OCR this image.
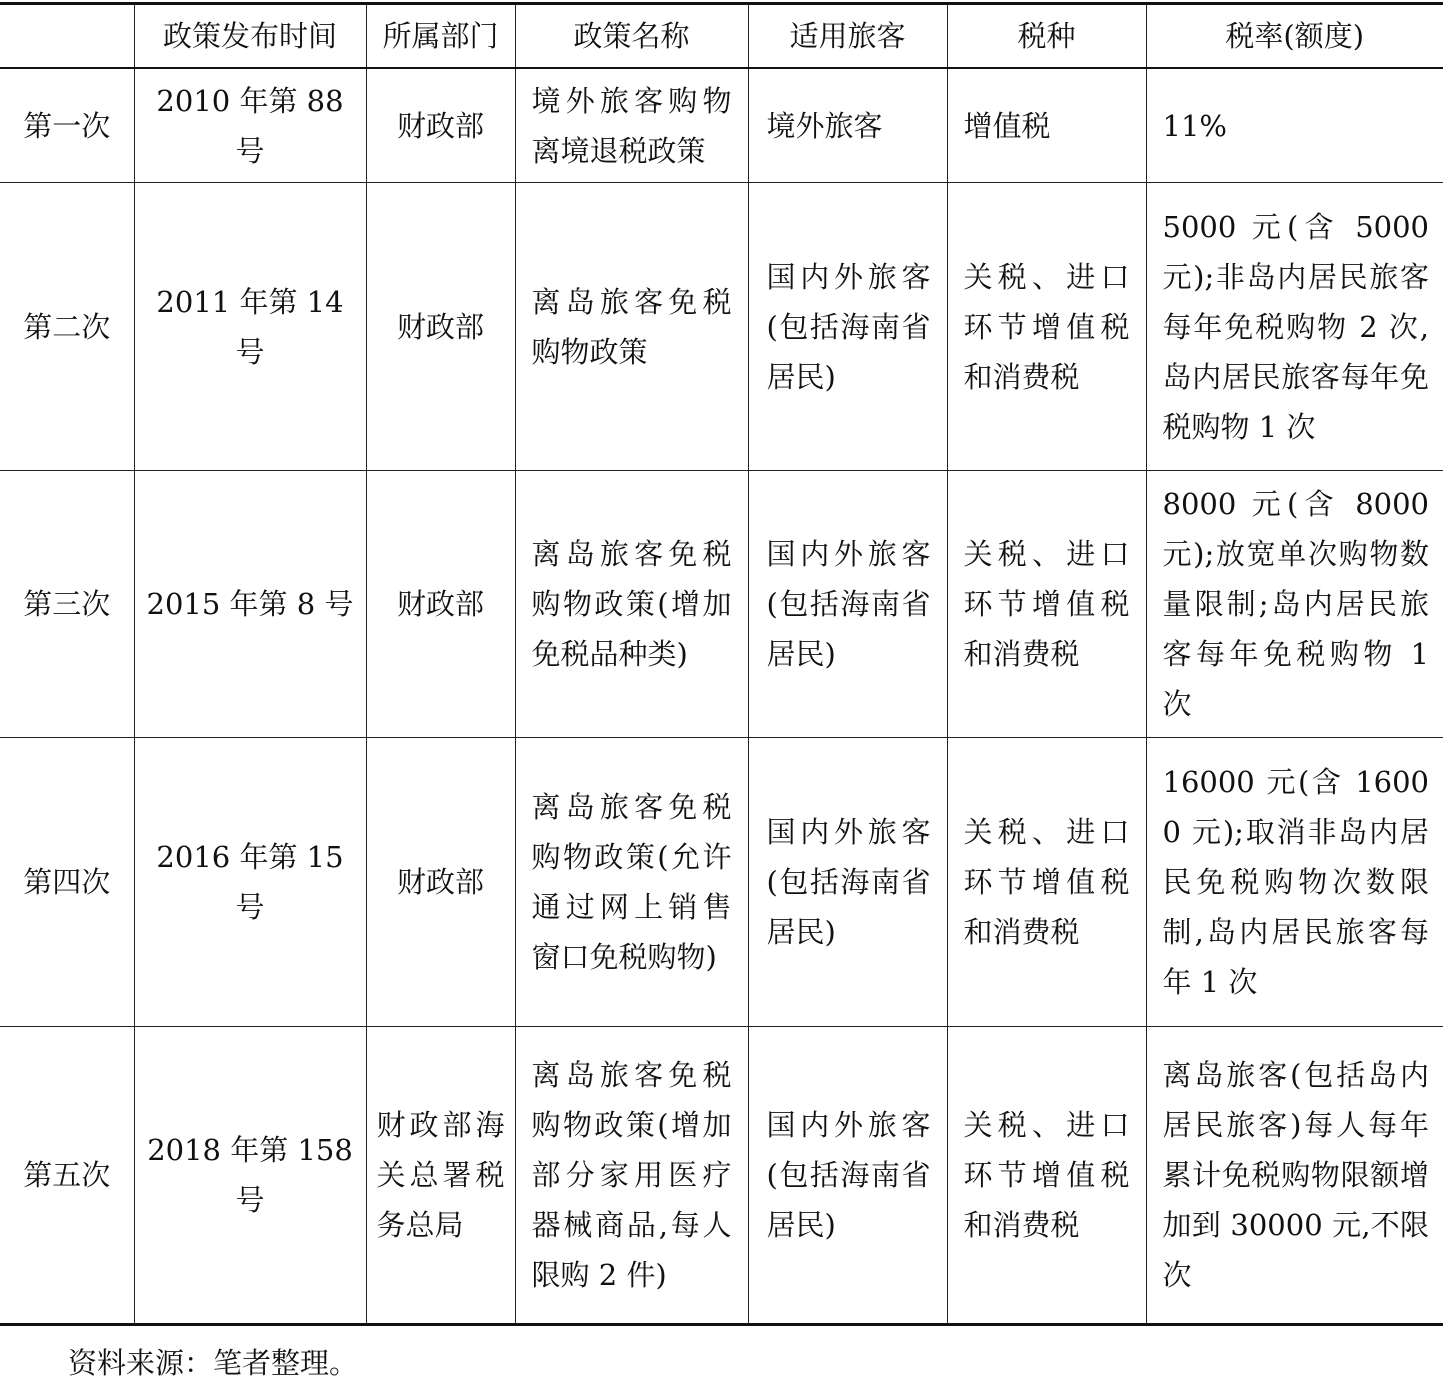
	政策发布时间	所属部门	政策名称	适用旅客	税种	税率(额度)
第一次	2010 年第 88 号	财政部	境外旅客购物离境退税政策	境外旅客	增值税	11%
第二次	2011 年第 14 号	财政部	离岛旅客免税购物政策	国内外旅客(包括海南省居民)	关税、进口环节增值税和消费税	5000 元(含 5000 元);非岛内居民旅客每年免税购物 2 次,岛内居民旅客每年免税购物 1 次
第三次	2015 年第 8 号	财政部	离岛旅客免税购物政策(增加免税品种类)	国内外旅客(包括海南省居民)	关税、进口环节增值税和消费税	8000 元(含 8000 元);放宽单次购物数量限制;岛内居民旅客每年免税购物 1 次
第四次	2016 年第 15 号	财政部	离岛旅客免税购物政策(允许通过网上销售窗口免税购物)	国内外旅客(包括海南省居民)	关税、进口环节增值税和消费税	16000 元(含 16000 元);取消非岛内居民免税购物次数限制,岛内居民旅客每年 1 次
第五次	2018 年第 158 号	财政部海关总署税务总局	离岛旅客免税购物政策(增加部分家用医疗器械商品,每人限购 2 件)	国内外旅客(包括海南省居民)	关税、进口环节增值税和消费税	离岛旅客(包括岛内居民旅客)每人每年累计免税购物限额增加到 30000 元,不限次
资料来源：笔者整理。
